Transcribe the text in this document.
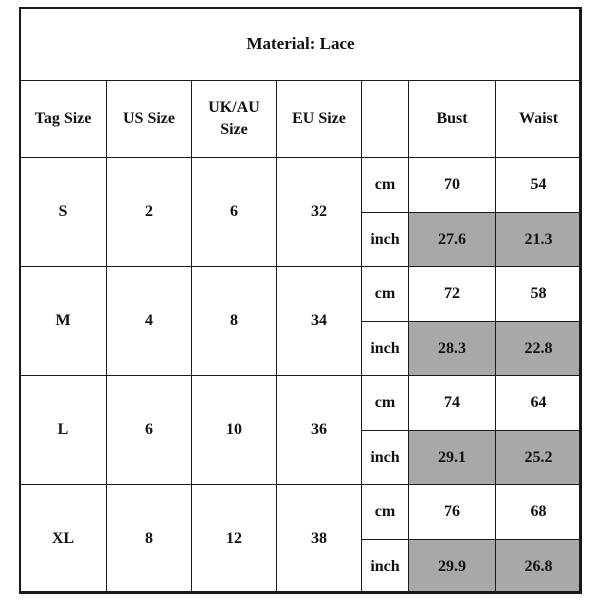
Material: Lace						
Tag Size	US Size	UK/AU Size	EU Size		Bust	Waist
S	2	6	32	cm	70	54
				inch	27.6	21.3
M	4	8	34	cm	72	58
				inch	28.3	22.8
L	6	10	36	cm	74	64
				inch	29.1	25.2
XL	8	12	38	cm	76	68
				inch	29.9	26.8
